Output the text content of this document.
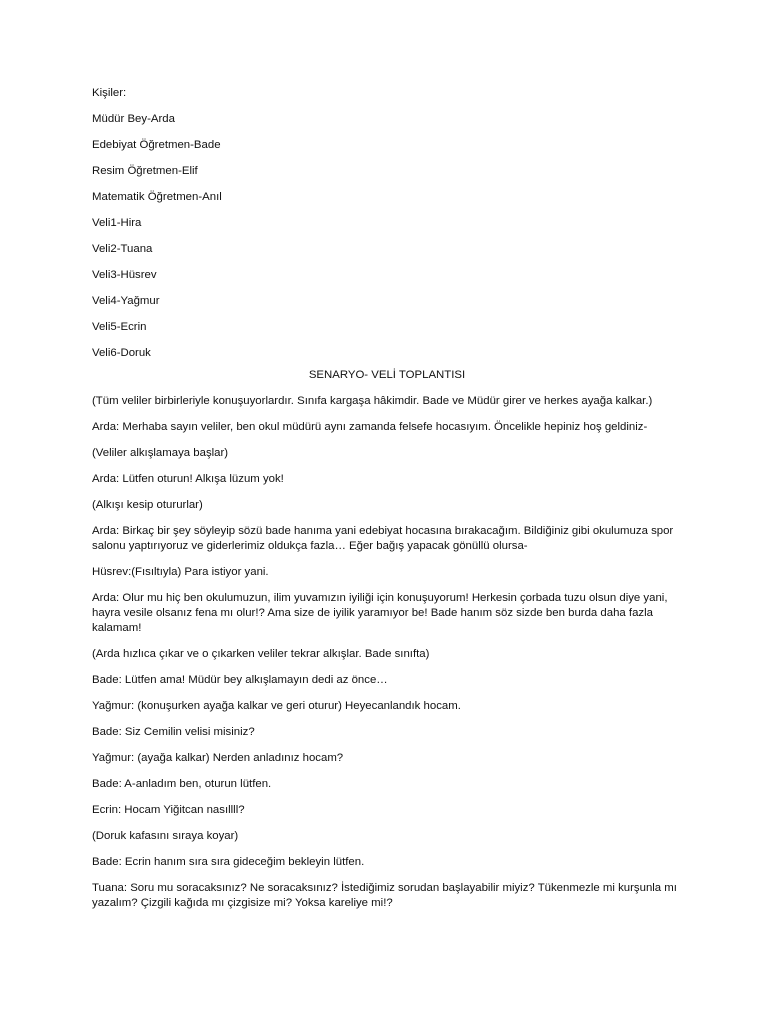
Kişiler:

Müdür Bey-Arda

Edebiyat Öğretmen-Bade

Resim Öğretmen-Elif

Matematik Öğretmen-Anıl

Veli1-Hira

Veli2-Tuana

Veli3-Hüsrev

Veli4-Yağmur

Veli5-Ecrin

Veli6-Doruk

SENARYO- VELİ TOPLANTISI

(Tüm veliler birbirleriyle konuşuyorlardır. Sınıfa kargaşa hâkimdir. Bade ve Müdür girer ve herkes ayağa kalkar.)

Arda: Merhaba sayın veliler, ben okul müdürü aynı zamanda felsefe hocasıyım. Öncelikle hepiniz hoş geldiniz-

(Veliler alkışlamaya başlar)

Arda: Lütfen oturun! Alkışa lüzum yok!

(Alkışı kesip otururlar)

Arda: Birkaç bir şey söyleyip sözü bade hanıma yani edebiyat hocasına bırakacağım. Bildiğiniz gibi okulumuza spor salonu yaptırıyoruz ve giderlerimiz oldukça fazla… Eğer bağış yapacak gönüllü olursa-

Hüsrev:(Fısıltıyla) Para istiyor yani.

Arda: Olur mu hiç ben okulumuzun, ilim yuvamızın iyiliği için konuşuyorum! Herkesin çorbada tuzu olsun diye yani, hayra vesile olsanız fena mı olur!? Ama size de iyilik yaramıyor be! Bade hanım söz sizde ben burda daha fazla kalamam!

(Arda hızlıca çıkar ve o çıkarken veliler tekrar alkışlar. Bade sınıfta)

Bade: Lütfen ama! Müdür bey alkışlamayın dedi az önce…

Yağmur: (konuşurken ayağa kalkar ve geri oturur) Heyecanlandık hocam.

Bade: Siz Cemilin velisi misiniz?

Yağmur: (ayağa kalkar) Nerden anladınız hocam?

Bade: A-anladım ben, oturun lütfen.

Ecrin: Hocam Yiğitcan nasıllll?

(Doruk kafasını sıraya koyar)

Bade: Ecrin hanım sıra sıra gideceğim bekleyin lütfen.

Tuana: Soru mu soracaksınız? Ne soracaksınız? İstediğimiz sorudan başlayabilir miyiz? Tükenmezle mi kurşunla mı yazalım? Çizgili kağıda mı çizgisize mi? Yoksa kareliye mi!?
